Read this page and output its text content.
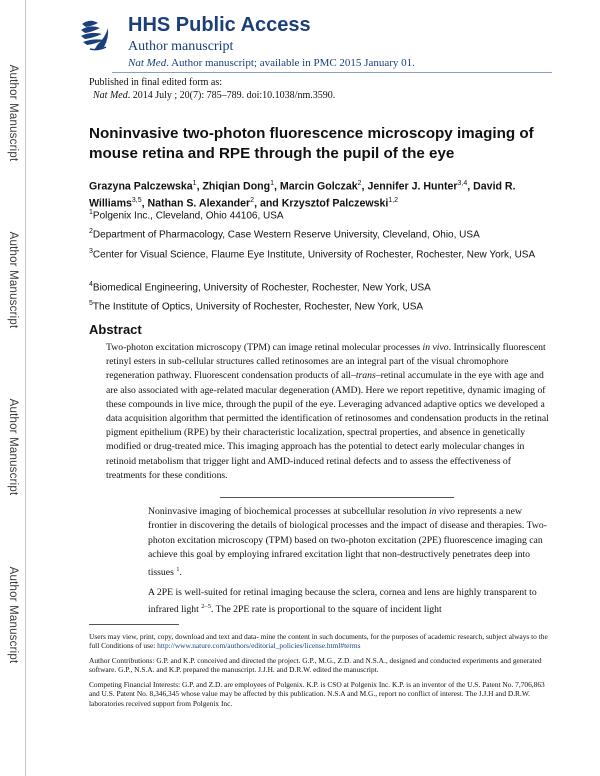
Author Manuscript
Author Manuscript
Author Manuscript
Author Manuscript
HHS Public Access
Author manuscript
Nat Med. Author manuscript; available in PMC 2015 January 01.
Published in final edited form as:
Nat Med. 2014 July ; 20(7): 785–789. doi:10.1038/nm.3590.
Noninvasive two-photon fluorescence microscopy imaging of mouse retina and RPE through the pupil of the eye
Grazyna Palczewska$^1$, Zhiqian Dong$^1$, Marcin Golczak$^2$, Jennifer J. Hunter$^{3,4}$, David R. Williams$^{3,5}$, Nathan S. Alexander$^2$, and Krzysztof Palczewski$^{1,2}$
$^1$Polgenix Inc., Cleveland, Ohio 44106, USA
$^2$Department of Pharmacology, Case Western Reserve University, Cleveland, Ohio, USA
$^3$Center for Visual Science, Flaume Eye Institute, University of Rochester, Rochester, New York, USA
$^4$Biomedical Engineering, University of Rochester, Rochester, New York, USA
$^5$The Institute of Optics, University of Rochester, Rochester, New York, USA
Abstract

Two-photon excitation microscopy (TPM) can image retinal molecular processes in vivo. Intrinsically fluorescent retinyl esters in sub-cellular structures called retinosomes are an integral part of the visual chromophore regeneration pathway. Fluorescent condensation products of all–trans–retinal accumulate in the eye with age and are also associated with age-related macular degeneration (AMD). Here we report repetitive, dynamic imaging of these compounds in live mice, through the pupil of the eye. Leveraging advanced adaptive optics we developed a data acquisition algorithm that permitted the identification of retinosomes and condensation products in the retinal pigment epithelium (RPE) by their characteristic localization, spectral properties, and absence in genetically modified or drug-treated mice. This imaging approach has the potential to detect early molecular changes in retinoid metabolism that trigger light and AMD-induced retinal defects and to assess the effectiveness of treatments for these conditions.

Noninvasive imaging of biochemical processes at subcellular resolution in vivo represents a new frontier in discovering the details of biological processes and the impact of disease and therapies. Two-photon excitation microscopy (TPM) based on two-photon excitation (2PE) fluorescence imaging can achieve this goal by employing infrared excitation light that non-destructively penetrates deep into tissues $^1$.

A 2PE is well-suited for retinal imaging because the sclera, cornea and lens are highly transparent to infrared light $^{2-5}$. The 2PE rate is proportional to the square of incident light

Users may view, print, copy, download and text and data- mine the content in such documents, for the purposes of academic research, subject always to the full Conditions of use: http://www.nature.com/authors/editorial_policies/license.html#terms

Author Contributions: G.P. and K.P. conceived and directed the project. G.P., M.G., Z.D. and N.S.A., designed and conducted experiments and generated software. G.P., N.S.A. and K.P. prepared the manuscript. J.J.H. and D.R.W. edited the manuscript.

Competing Financial Interests: G.P. and Z.D. are employees of Polgenix. K.P. is CSO at Polgenix Inc. K.P. is an inventor of the U.S. Patent No. 7,706,863 and U.S. Patent No. 8,346,345 whose value may be affected by this publication. N.S.A and M.G., report no conflict of interest. The J.J.H and D.R.W. laboratories received support from Polgenix Inc.
